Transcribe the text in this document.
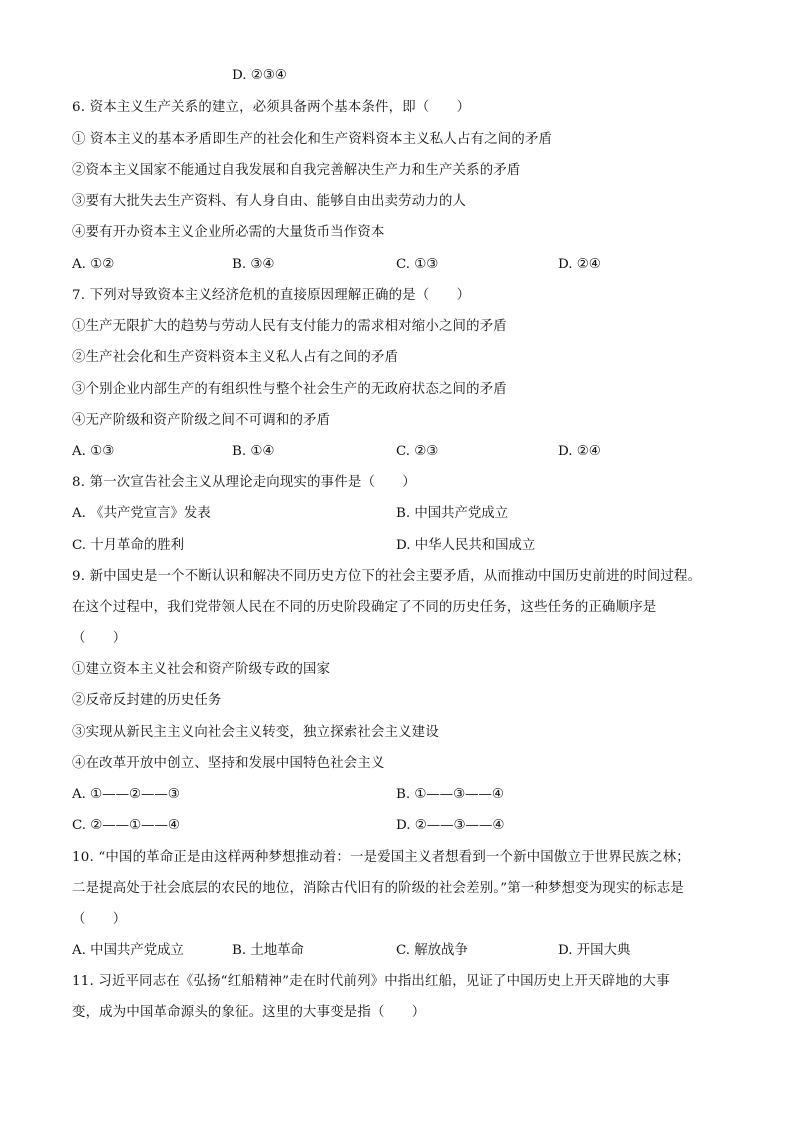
D. ②③④
6. 资本主义生产关系的建立，必须具备两个基本条件，即（　　）
① 资本主义的基本矛盾即生产的社会化和生产资料资本主义私人占有之间的矛盾
②资本主义国家不能通过自我发展和自我完善解决生产力和生产关系的矛盾
③要有大批失去生产资料、有人身自由、能够自由出卖劳动力的人
④要有开办资本主义企业所必需的大量货币当作资本
A. ①②	B. ③④	C. ①③	D. ②④
7. 下列对导致资本主义经济危机的直接原因理解正确的是（　　）
①生产无限扩大的趋势与劳动人民有支付能力的需求相对缩小之间的矛盾
②生产社会化和生产资料资本主义私人占有之间的矛盾
③个别企业内部生产的有组织性与整个社会生产的无政府状态之间的矛盾
④无产阶级和资产阶级之间不可调和的矛盾
A. ①③	B. ①④	C. ②③	D. ②④
8. 第一次宣告社会主义从理论走向现实的事件是（　　）
A. 《共产党宣言》发表	B. 中国共产党成立
C. 十月革命的胜利	D. 中华人民共和国成立
9. 新中国史是一个不断认识和解决不同历史方位下的社会主要矛盾，从而推动中国历史前进的时间过程。
在这个过程中，我们党带领人民在不同的历史阶段确定了不同的历史任务，这些任务的正确顺序是
（　　）
①建立资本主义社会和资产阶级专政的国家
②反帝反封建的历史任务
③实现从新民主主义向社会主义转变，独立探索社会主义建设
④在改革开放中创立、坚持和发展中国特色社会主义
A. ①——②——③	B. ①——③——④
C. ②——①——④	D. ②——③——④
10. “中国的革命正是由这样两种梦想推动着：一是爱国主义者想看到一个新中国傲立于世界民族之林；
二是提高处于社会底层的农民的地位，消除古代旧有的阶级的社会差别。”第一种梦想变为现实的标志是
（　　）
A. 中国共产党成立	B. 土地革命	C. 解放战争	D. 开国大典
11. 习近平同志在《弘扬“红船精神”走在时代前列》中指出红船，见证了中国历史上开天辟地的大事
变，成为中国革命源头的象征。这里的大事变是指（　　）
